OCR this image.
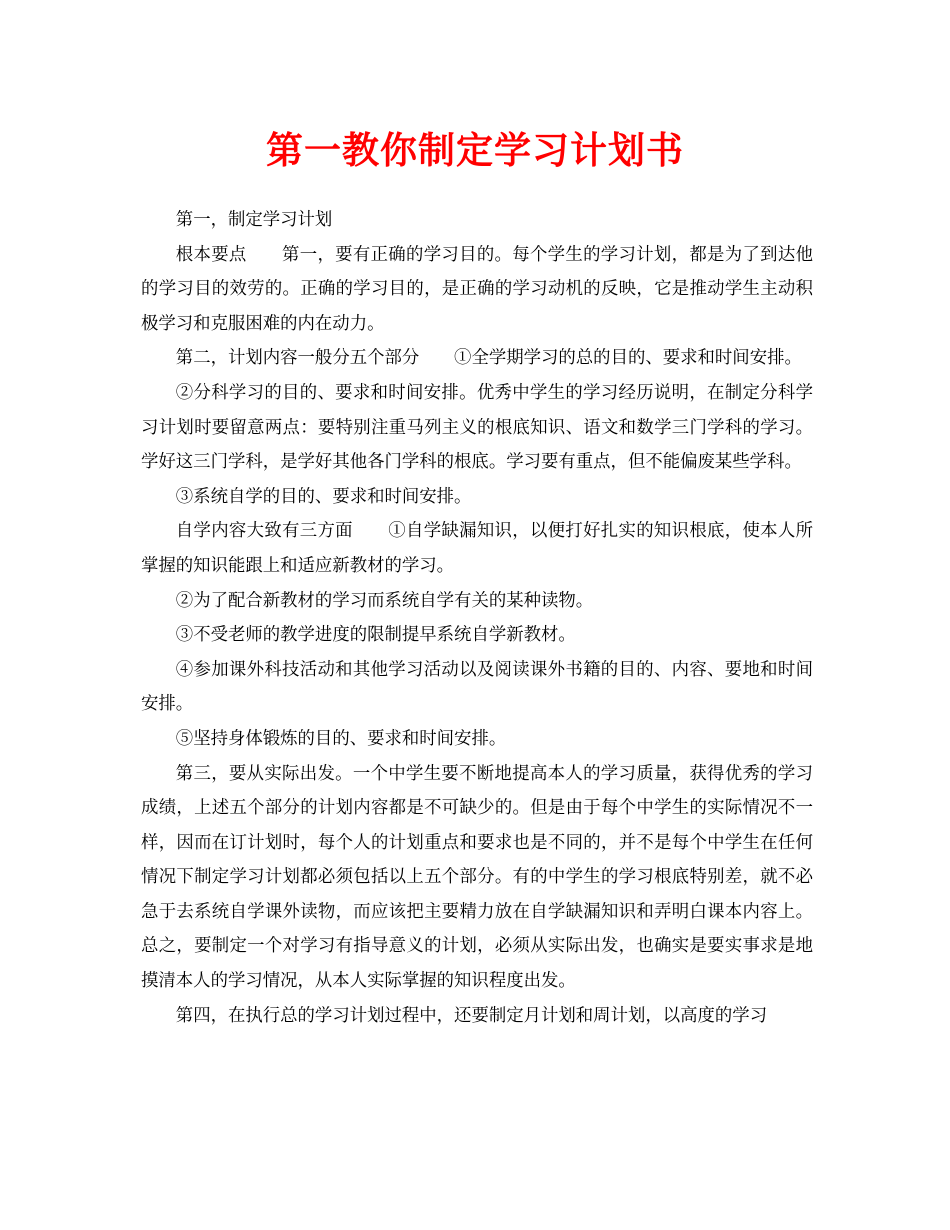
第一教你制定学习计划书

第一，制定学习计划

根本要点　　第一，要有正确的学习目的。每个学生的学习计划，都是为了到达他的学习目的效劳的。正确的学习目的，是正确的学习动机的反映，它是推动学生主动积极学习和克服困难的内在动力。

第二，计划内容一般分五个部分　　①全学期学习的总的目的、要求和时间安排。

②分科学习的目的、要求和时间安排。优秀中学生的学习经历说明，在制定分科学习计划时要留意两点：要特别注重马列主义的根底知识、语文和数学三门学科的学习。学好这三门学科，是学好其他各门学科的根底。学习要有重点，但不能偏废某些学科。

③系统自学的目的、要求和时间安排。

自学内容大致有三方面　　①自学缺漏知识，以便打好扎实的知识根底，使本人所掌握的知识能跟上和适应新教材的学习。

②为了配合新教材的学习而系统自学有关的某种读物。

③不受老师的教学进度的限制提早系统自学新教材。

④参加课外科技活动和其他学习活动以及阅读课外书籍的目的、内容、要地和时间安排。

⑤坚持身体锻炼的目的、要求和时间安排。

第三，要从实际出发。一个中学生要不断地提高本人的学习质量，获得优秀的学习成绩，上述五个部分的计划内容都是不可缺少的。但是由于每个中学生的实际情况不一样，因而在订计划时，每个人的计划重点和要求也是不同的，并不是每个中学生在任何情况下制定学习计划都必须包括以上五个部分。有的中学生的学习根底特别差，就不必急于去系统自学课外读物，而应该把主要精力放在自学缺漏知识和弄明白课本内容上。总之，要制定一个对学习有指导意义的计划，必须从实际出发，也确实是要实事求是地摸清本人的学习情况，从本人实际掌握的知识程度出发。

第四，在执行总的学习计划过程中，还要制定月计划和周计划，以高度的学习
